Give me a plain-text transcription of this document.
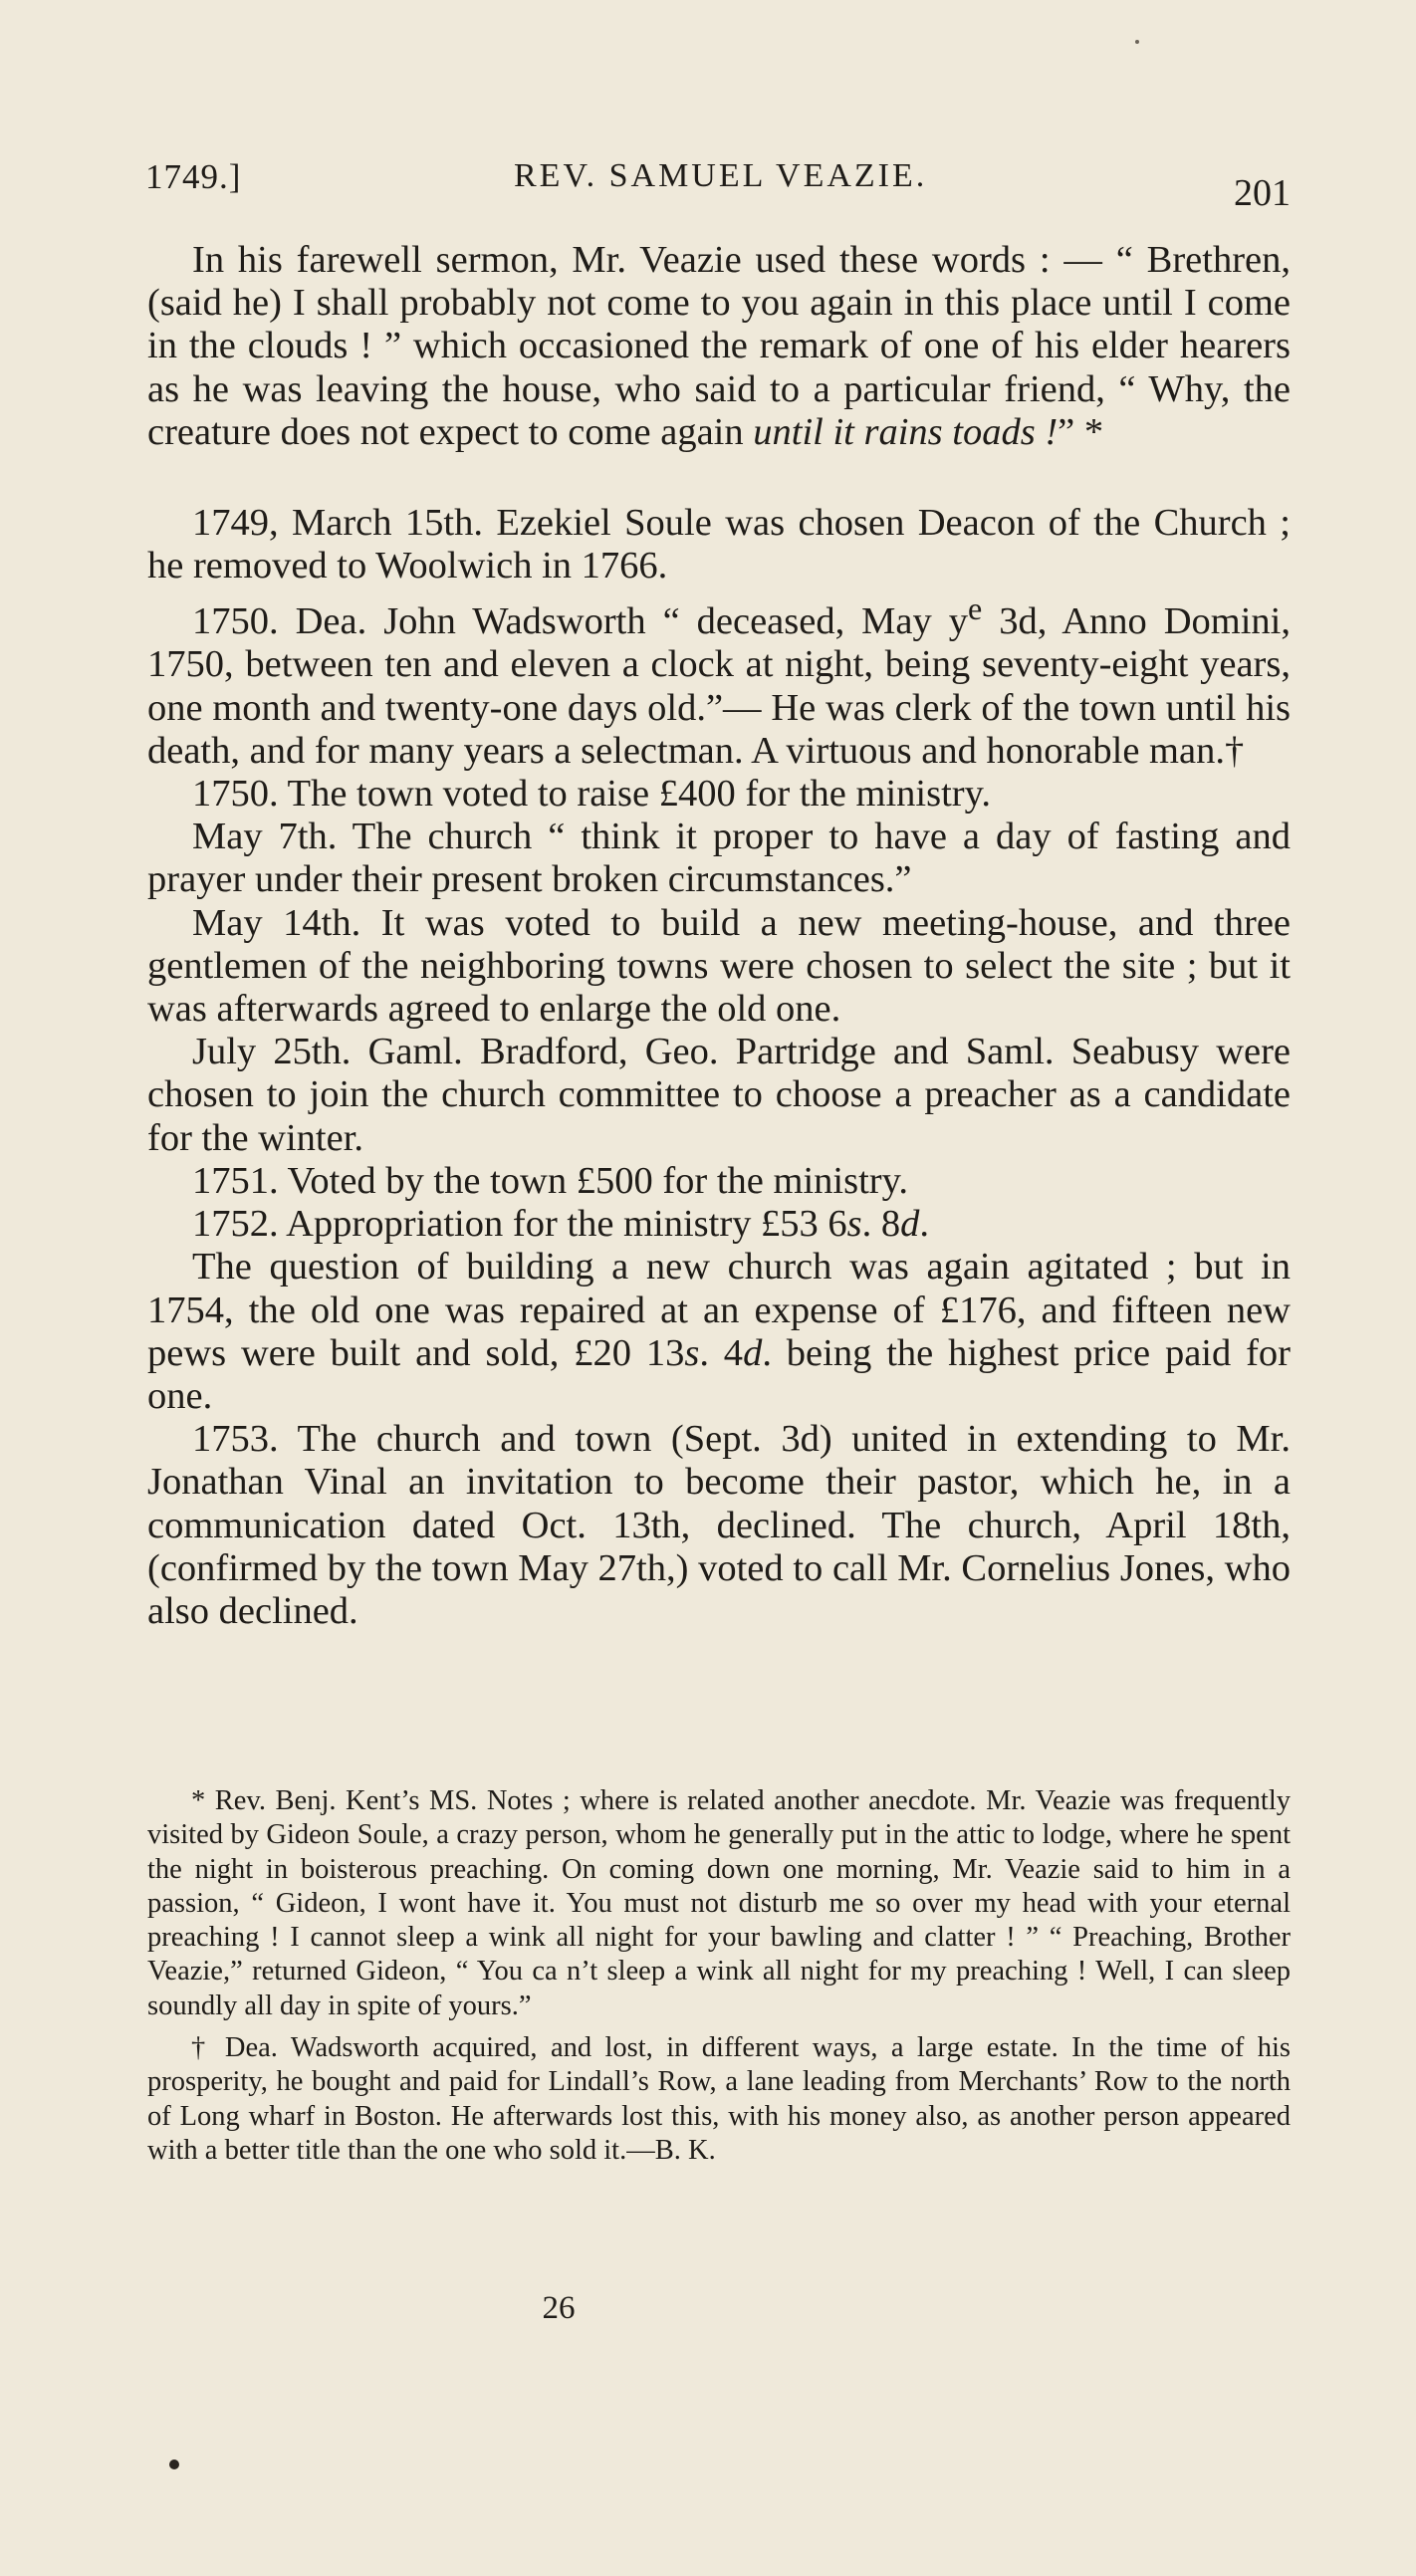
1749.]	REV. SAMUEL VEAZIE.	201

In his farewell sermon, Mr. Veazie used these words : — “ Brethren, (said he) I shall probably not come to you again in this place until I come in the clouds ! ” which occasioned the remark of one of his elder hearers as he was leaving the house, who said to a particular friend, “ Why, the creature does not expect to come again until it rains toads !” *

1749, March 15th. Ezekiel Soule was chosen Deacon of the Church ; he removed to Woolwich in 1766.

1750. Dea. John Wadsworth “ deceased, May $y^e$ 3d, Anno Domini, 1750, between ten and eleven a clock at night, being seventy-eight years, one month and twenty-one days old.”— He was clerk of the town until his death, and for many years a selectman. A virtuous and honorable man.†

1750. The town voted to raise £400 for the ministry.

May 7th. The church “ think it proper to have a day of fasting and prayer under their present broken circumstances.”

May 14th. It was voted to build a new meeting-house, and three gentlemen of the neighboring towns were chosen to select the site ; but it was afterwards agreed to enlarge the old one.

July 25th. Gaml. Bradford, Geo. Partridge and Saml. Seabusy were chosen to join the church committee to choose a preacher as a candidate for the winter.

1751. Voted by the town £500 for the ministry.

1752. Appropriation for the ministry £53 6s. 8d.

The question of building a new church was again agitated ; but in 1754, the old one was repaired at an expense of £176, and fifteen new pews were built and sold, £20 13s. 4d. being the highest price paid for one.

1753. The church and town (Sept. 3d) united in extending to Mr. Jonathan Vinal an invitation to become their pastor, which he, in a communication dated Oct. 13th, declined. The church, April 18th, (confirmed by the town May 27th,) voted to call Mr. Cornelius Jones, who also declined.

* Rev. Benj. Kent’s MS. Notes ; where is related another anecdote. Mr. Veazie was frequently visited by Gideon Soule, a crazy person, whom he generally put in the attic to lodge, where he spent the night in boisterous preaching. On coming down one morning, Mr. Veazie said to him in a passion, “ Gideon, I wont have it. You must not disturb me so over my head with your eternal preaching ! I cannot sleep a wink all night for your bawling and clatter ! ” “ Preaching, Brother Veazie,” returned Gideon, “ You ca n’t sleep a wink all night for my preaching ! Well, I can sleep soundly all day in spite of yours.”

† Dea. Wadsworth acquired, and lost, in different ways, a large estate. In the time of his prosperity, he bought and paid for Lindall’s Row, a lane leading from Merchants’ Row to the north of Long wharf in Boston. He afterwards lost this, with his money also, as another person appeared with a better title than the one who sold it.—B. K.

26
